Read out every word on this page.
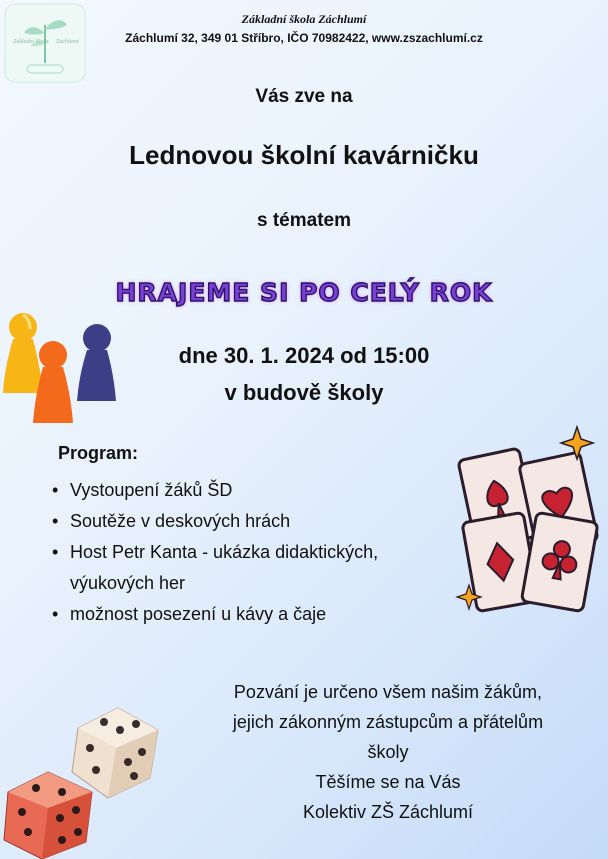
Základní škola Záchlumí
Základní škola Záchlumí
Záchlumí 32, 349 01 Stříbro, IČO 70982422, www.zszachlumí.cz
Vás zve na
Lednovou školní kavárničku
s tématem
HRAJEME SI PO CELÝ ROK
dne 30. 1. 2024 od 15:00
v budově školy
Program:
• Vystoupení žáků ŠD
• Soutěže v deskových hrách
• Host Petr Kanta - ukázka didaktických,
výukových her
• možnost posezení u kávy a čaje
Pozvání je určeno všem našim žákům,
jejich zákonným zástupcům a přátelům
školy
Těšíme se na Vás
Kolektiv ZŠ Záchlumí
